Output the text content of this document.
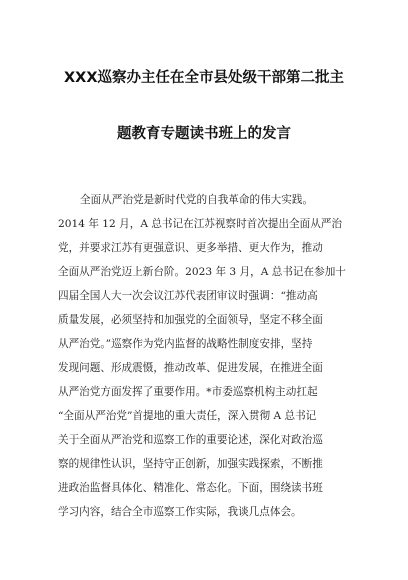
XXX巡察办主任在全市县处级干部第二批主
题教育专题读书班上的发言
全面从严治党是新时代党的自我革命的伟大实践。
2014 年 12 月，A 总书记在江苏视察时首次提出全面从严治
党，并要求江苏有更强意识、更多举措、更大作为，推动
全面从严治党迈上新台阶。2023 年 3 月，A 总书记在参加十
四届全国人大一次会议江苏代表团审议时强调：“推动高
质量发展，必须坚持和加强党的全面领导，坚定不移全面
从严治党。”巡察作为党内监督的战略性制度安排，坚持
发现问题、形成震慑，推动改革、促进发展，在推进全面
从严治党方面发挥了重要作用。*市委巡察机构主动扛起
“全面从严治党”首提地的重大责任，深入贯彻 A 总书记
关于全面从严治党和巡察工作的重要论述，深化对政治巡
察的规律性认识，坚持守正创新，加强实践探索，不断推
进政治监督具体化、精准化、常态化。下面，围绕读书班
学习内容，结合全市巡察工作实际，我谈几点体会。
